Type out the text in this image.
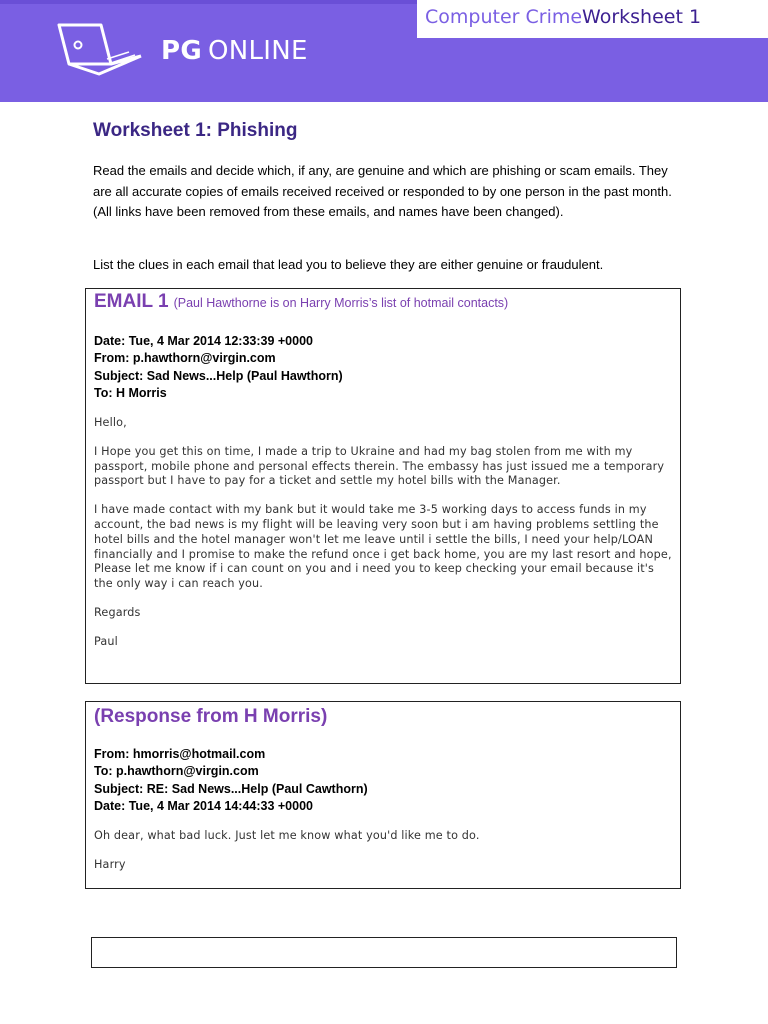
PG ONLINE
Computer CrimeWorksheet 1
Worksheet 1: Phishing
Read the emails and decide which, if any, are genuine and which are phishing or scam emails. They are all accurate copies of emails received received or responded to by one person in the past month. (All links have been removed from these emails, and names have been changed).
List the clues in each email that lead you to believe they are either genuine or fraudulent.
EMAIL 1 (Paul Hawthorne is on Harry Morris’s list of hotmail contacts)
Date: Tue, 4 Mar 2014 12:33:39 +0000
From: p.hawthorn@virgin.com
Subject: Sad News...Help (Paul Hawthorn)
To: H Morris

Hello,

I Hope you get this on time, I made a trip to Ukraine and had my bag stolen from me with my passport, mobile phone and personal effects therein. The embassy has just issued me a temporary passport but I have to pay for a ticket and settle my hotel bills with the Manager.

I have made contact with my bank but it would take me 3-5 working days to access funds in my account, the bad news is my flight will be leaving very soon but i am having problems settling the hotel bills and the hotel manager won't let me leave until i settle the bills, I need your help/LOAN financially and I promise to make the refund once i get back home, you are my last resort and hope, Please let me know if i can count on you and i need you to keep checking your email because it's the only way i can reach you.

Regards

Paul

(Response from H Morris)
From: hmorris@hotmail.com
To: p.hawthorn@virgin.com
Subject: RE: Sad News...Help (Paul Cawthorn)
Date: Tue, 4 Mar 2014 14:44:33 +0000

Oh dear, what bad luck. Just let me know what you'd like me to do.

Harry
